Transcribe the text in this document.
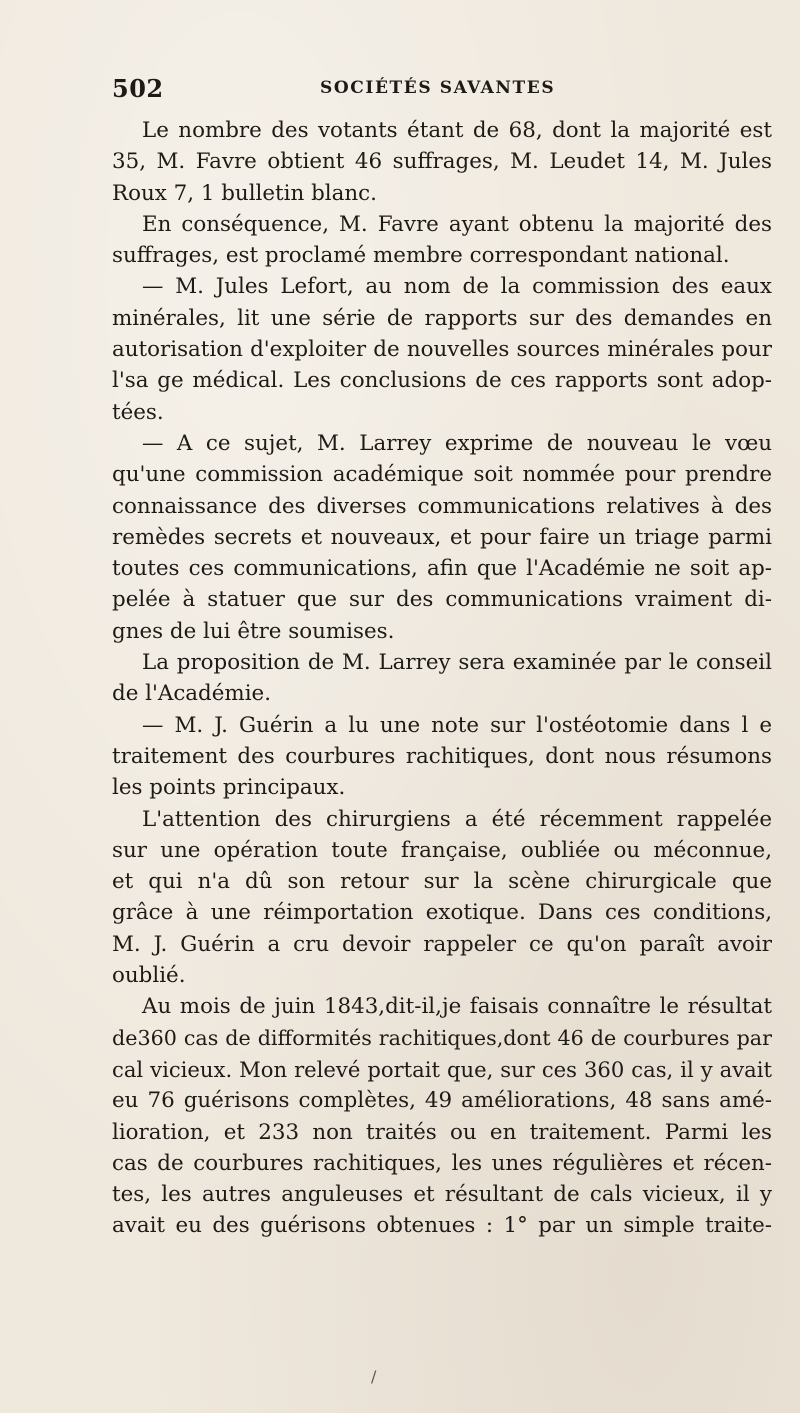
502	SOCIÉTÉS SAVANTES
Le nombre des votants étant de 68, dont la majorité est
35, M. Favre obtient 46 suffrages, M. Leudet 14, M. Jules
Roux 7, 1 bulletin blanc.
En conséquence, M. Favre ayant obtenu la majorité des
suffrages, est proclamé membre correspondant national.
— M. Jules Lefort, au nom de la commission des eaux
minérales, lit une série de rapports sur des demandes en
autorisation d'exploiter de nouvelles sources minérales pour
l'sa ge médical. Les conclusions de ces rapports sont adop-
tées.
— A ce sujet, M. Larrey exprime de nouveau le vœu
qu'une commission académique soit nommée pour prendre
connaissance des diverses communications relatives à des
remèdes secrets et nouveaux, et pour faire un triage parmi
toutes ces communications, afin que l'Académie ne soit ap-
pelée à statuer que sur des communications vraiment di-
gnes de lui être soumises.
La proposition de M. Larrey sera examinée par le conseil
de l'Académie.
— M. J. Guérin a lu une note sur l'ostéotomie dans l e
traitement des courbures rachitiques, dont nous résumons
les points principaux.
L'attention des chirurgiens a été récemment rappelée
sur une opération toute française, oubliée ou méconnue,
et qui n'a dû son retour sur la scène chirurgicale que
grâce à une réimportation exotique. Dans ces conditions,
M. J. Guérin a cru devoir rappeler ce qu'on paraît avoir
oublié.
Au mois de juin 1843,dit-il,je faisais connaître le résultat
de360 cas de difformités rachitiques,dont 46 de courbures par
cal vicieux. Mon relevé portait que, sur ces 360 cas, il y avait
eu 76 guérisons complètes, 49 améliorations, 48 sans amé-
lioration, et 233 non traités ou en traitement. Parmi les
cas de courbures rachitiques, les unes régulières et récen-
tes, les autres anguleuses et résultant de cals vicieux, il y
avait eu des guérisons obtenues : 1° par un simple traite-
/
